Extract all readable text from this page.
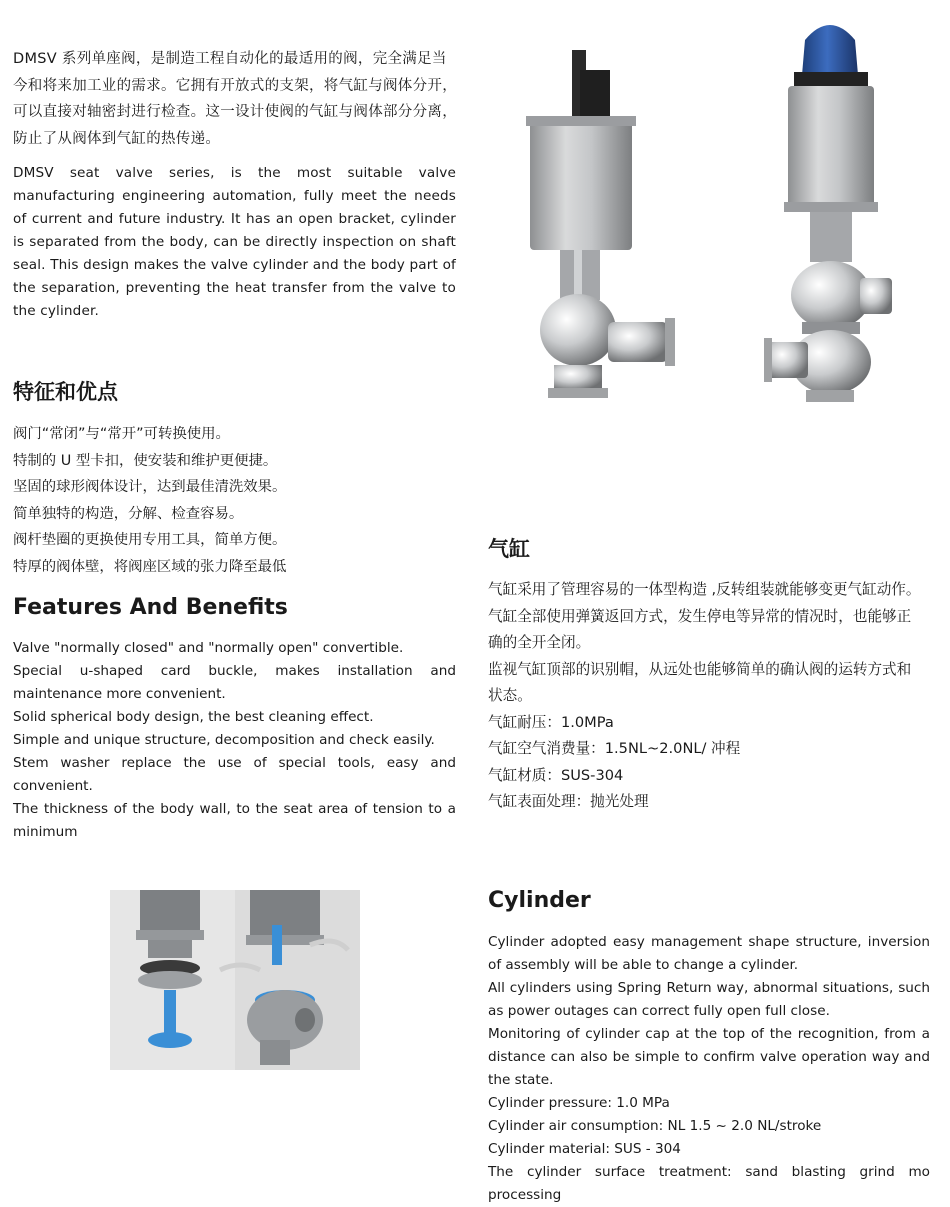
DMSV 系列单座阀，是制造工程自动化的最适用的阀，完全满足当今和将来加工业的需求。它拥有开放式的支架，将气缸与阀体分开，可以直接对轴密封进行检查。这一设计使阀的气缸与阀体部分分离，防止了从阀体到气缸的热传递。

DMSV seat valve series, is the most suitable valve manufacturing engineering automation, fully meet the needs of current and future industry. It has an open bracket, cylinder is separated from the body, can be directly inspection on shaft seal. This design makes the valve cylinder and the body part of the separation, preventing the heat transfer from the valve to the cylinder.

特征和优点
阀门“常闭”与“常开”可转换使用。
特制的 U 型卡扣，使安装和维护更便捷。
坚固的球形阀体设计，达到最佳清洗效果。
简单独特的构造，分解、检查容易。
阀杆垫圈的更换使用专用工具，简单方便。
特厚的阀体壁，将阀座区域的张力降至最低
Features And Benefits

Valve "normally closed" and "normally open" convertible.

Special u-shaped card buckle, makes installation and maintenance more convenient.

Solid spherical body design, the best cleaning effect.

Simple and unique structure, decomposition and check easily.

Stem washer replace the use of special tools, easy and convenient.

The thickness of the body wall, to the seat area of tension to a minimum

气缸
气缸采用了管理容易的一体型构造 ,反转组装就能够变更气缸动作。
气缸全部使用弹簧返回方式，发生停电等异常的情况时，也能够正
确的全开全闭。
监视气缸顶部的识别帽，从远处也能够简单的确认阀的运转方式和
状态。
气缸耐压：1.0MPa
气缸空气消费量：1.5NL~2.0NL/ 冲程
气缸材质：SUS-304
气缸表面处理：抛光处理
Cylinder

Cylinder adopted easy management shape structure, inversion of assembly will be able to change a cylinder.

All cylinders using Spring Return way, abnormal situations, such as power outages can correct fully open full close.

Monitoring of cylinder cap at the top of the recognition, from a distance can also be simple to confirm valve operation way and the state.

Cylinder pressure: 1.0 MPa

Cylinder air consumption: NL 1.5 ~ 2.0 NL/stroke

Cylinder material: SUS - 304

The cylinder surface treatment: sand blasting grind mo processing
